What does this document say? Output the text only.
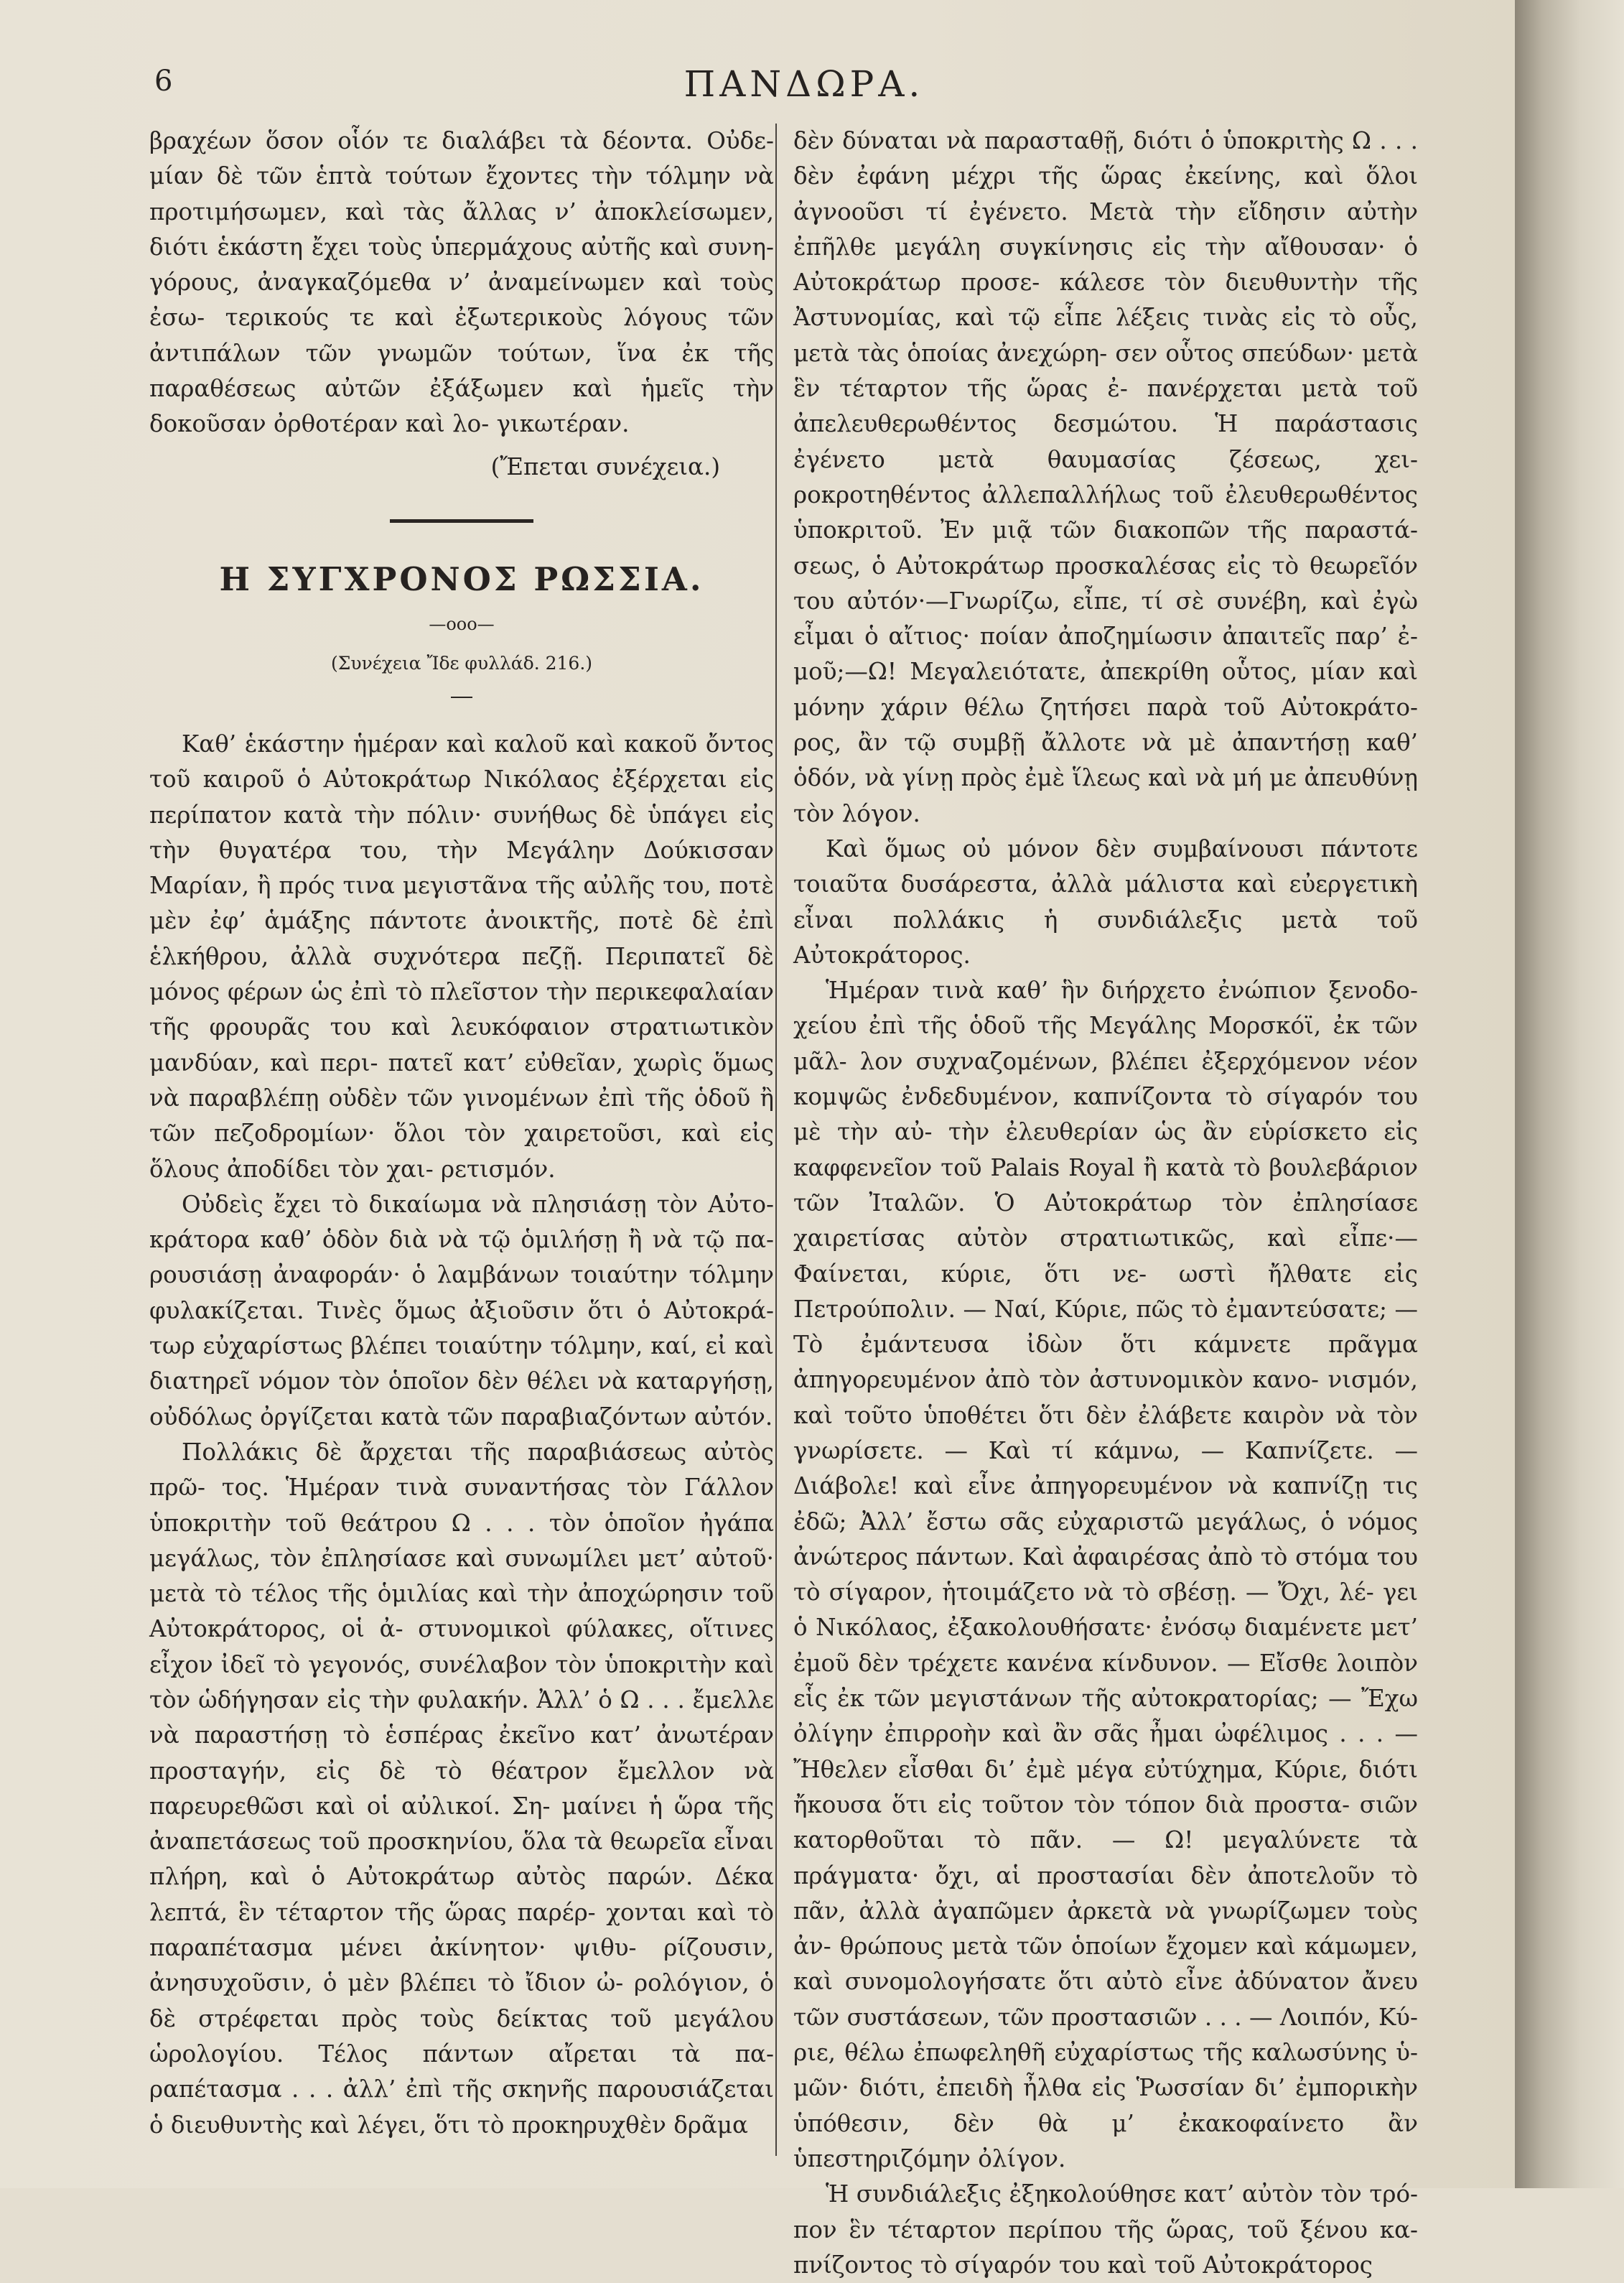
6	ΠΑΝΔΩΡΑ.

βραχέων ὅσον οἷόν τε διαλάβει τὰ δέοντα. Οὐδε- μίαν δὲ τῶν ἑπτὰ τούτων ἔχοντες τὴν τόλμην νὰ προτιμήσωμεν, καὶ τὰς ἄλλας ν’ ἀποκλείσωμεν, διότι ἑκάστη ἔχει τοὺς ὑπερμάχους αὐτῆς καὶ συνη- γόρους, ἀναγκαζόμεθα ν’ ἀναμείνωμεν καὶ τοὺς ἐσω- τερικούς τε καὶ ἐξωτερικοὺς λόγους τῶν ἀντιπάλων τῶν γνωμῶν τούτων, ἵνα ἐκ τῆς παραθέσεως αὐτῶν ἐξάξωμεν καὶ ἡμεῖς τὴν δοκοῦσαν ὀρθοτέραν καὶ λο- γικωτέραν.

(Ἔπεται συνέχεια.)

Η ΣΥΓΧΡΟΝΟΣ ΡΩΣΣΙΑ.
—ooo—
(Συνέχεια Ἴδε φυλλάδ. 216.)

Καθ’ ἑκάστην ἡμέραν καὶ καλοῦ καὶ κακοῦ ὄντος τοῦ καιροῦ ὁ Αὐτοκράτωρ Νικόλαος ἐξέρχεται εἰς περίπατον κατὰ τὴν πόλιν· συνήθως δὲ ὑπάγει εἰς τὴν θυγατέρα του, τὴν Μεγάλην Δούκισσαν Μαρίαν, ἢ πρός τινα μεγιστᾶνα τῆς αὐλῆς του, ποτὲ μὲν ἐφ’ ἁμάξης πάντοτε ἀνοικτῆς, ποτὲ δὲ ἐπὶ ἑλκήθρου, ἀλλὰ συχνότερα πεζῇ. Περιπατεῖ δὲ μόνος φέρων ὡς ἐπὶ τὸ πλεῖστον τὴν περικεφαλαίαν τῆς φρουρᾶς του καὶ λευκόφαιον στρατιωτικὸν μανδύαν, καὶ περι- πατεῖ κατ’ εὐθεῖαν, χωρὶς ὅμως νὰ παραβλέπῃ οὐδὲν τῶν γινομένων ἐπὶ τῆς ὁδοῦ ἢ τῶν πεζοδρομίων· ὅλοι τὸν χαιρετοῦσι, καὶ εἰς ὅλους ἀποδίδει τὸν χαι- ρετισμόν.

Οὐδεὶς ἔχει τὸ δικαίωμα νὰ πλησιάσῃ τὸν Αὐτο- κράτορα καθ’ ὁδὸν διὰ νὰ τῷ ὁμιλήσῃ ἢ νὰ τῷ πα- ρουσιάσῃ ἀναφοράν· ὁ λαμβάνων τοιαύτην τόλμην φυλακίζεται. Τινὲς ὅμως ἀξιοῦσιν ὅτι ὁ Αὐτοκρά- τωρ εὐχαρίστως βλέπει τοιαύτην τόλμην, καί, εἰ καὶ διατηρεῖ νόμον τὸν ὁποῖον δὲν θέλει νὰ καταργήσῃ, οὐδόλως ὀργίζεται κατὰ τῶν παραβιαζόντων αὐτόν.

Πολλάκις δὲ ἄρχεται τῆς παραβιάσεως αὐτὸς πρῶ- τος. Ἡμέραν τινὰ συναντήσας τὸν Γάλλον ὑποκριτὴν τοῦ θεάτρου Ω . . . τὸν ὁποῖον ἠγάπα μεγάλως, τὸν ἐπλησίασε καὶ συνωμίλει μετ’ αὐτοῦ· μετὰ τὸ τέλος τῆς ὁμιλίας καὶ τὴν ἀποχώρησιν τοῦ Αὐτοκράτορος, οἱ ἀ- στυνομικοὶ φύλακες, οἵτινες εἶχον ἰδεῖ τὸ γεγονός, συνέλαβον τὸν ὑποκριτὴν καὶ τὸν ὡδήγησαν εἰς τὴν φυλακήν. Ἀλλ’ ὁ Ω . . . ἔμελλε νὰ παραστήσῃ τὸ ἑσπέρας ἐκεῖνο κατ’ ἀνωτέραν προσταγήν, εἰς δὲ τὸ θέατρον ἔμελλον νὰ παρευρεθῶσι καὶ οἱ αὐλικοί. Ση- μαίνει ἡ ὥρα τῆς ἀναπετάσεως τοῦ προσκηνίου, ὅλα τὰ θεωρεῖα εἶναι πλήρη, καὶ ὁ Αὐτοκράτωρ αὐτὸς παρών. Δέκα λεπτά, ἓν τέταρτον τῆς ὥρας παρέρ- χονται καὶ τὸ παραπέτασμα μένει ἀκίνητον· ψιθυ- ρίζουσιν, ἀνησυχοῦσιν, ὁ μὲν βλέπει τὸ ἴδιον ὠ- ρολόγιον, ὁ δὲ στρέφεται πρὸς τοὺς δείκτας τοῦ μεγάλου ὡρολογίου. Τέλος πάντων αἴρεται τὰ πα- ραπέτασμα . . . ἀλλ’ ἐπὶ τῆς σκηνῆς παρουσιάζεται ὁ διευθυντὴς καὶ λέγει, ὅτι τὸ προκηρυχθὲν δρᾶμα

δὲν δύναται νὰ παρασταθῇ, διότι ὁ ὑποκριτὴς Ω . . . δὲν ἐφάνη μέχρι τῆς ὥρας ἐκείνης, καὶ ὅλοι ἀγνοοῦσι τί ἐγένετο. Μετὰ τὴν εἴδησιν αὐτὴν ἐπῆλθε μεγάλη συγκίνησις εἰς τὴν αἴθουσαν· ὁ Αὐτοκράτωρ προσε- κάλεσε τὸν διευθυντὴν τῆς Ἀστυνομίας, καὶ τῷ εἶπε λέξεις τινὰς εἰς τὸ οὖς, μετὰ τὰς ὁποίας ἀνεχώρη- σεν οὗτος σπεύδων· μετὰ ἓν τέταρτον τῆς ὥρας ἐ- πανέρχεται μετὰ τοῦ ἀπελευθερωθέντος δεσμώτου. Ἡ παράστασις ἐγένετο μετὰ θαυμασίας ζέσεως, χει- ροκροτηθέντος ἀλλεπαλλήλως τοῦ ἐλευθερωθέντος ὑποκριτοῦ. Ἐν μιᾷ τῶν διακοπῶν τῆς παραστά- σεως, ὁ Αὐτοκράτωρ προσκαλέσας εἰς τὸ θεωρεῖόν του αὐτόν·—Γνωρίζω, εἶπε, τί σὲ συνέβη, καὶ ἐγὼ εἶμαι ὁ αἴτιος· ποίαν ἀποζημίωσιν ἀπαιτεῖς παρ’ ἐ- μοῦ;—Ω! Μεγαλειότατε, ἀπεκρίθη οὗτος, μίαν καὶ μόνην χάριν θέλω ζητήσει παρὰ τοῦ Αὐτοκράτο- ρος, ἂν τῷ συμβῇ ἄλλοτε νὰ μὲ ἀπαντήσῃ καθ’ ὁδόν, νὰ γίνῃ πρὸς ἐμὲ ἵλεως καὶ νὰ μή με ἀπευθύνῃ τὸν λόγον.

Καὶ ὅμως οὐ μόνον δὲν συμβαίνουσι πάντοτε τοιαῦτα δυσάρεστα, ἀλλὰ μάλιστα καὶ εὐεργετικὴ εἶναι πολλάκις ἡ συνδιάλεξις μετὰ τοῦ Αὐτοκράτορος.

Ἡμέραν τινὰ καθ’ ἣν διήρχετο ἐνώπιον ξενοδο- χείου ἐπὶ τῆς ὁδοῦ τῆς Μεγάλης Μορσκόϊ, ἐκ τῶν μᾶλ- λον συχναζομένων, βλέπει ἐξερχόμενον νέον κομψῶς ἐνδεδυμένον, καπνίζοντα τὸ σίγαρόν του μὲ τὴν αὐ- τὴν ἐλευθερίαν ὡς ἂν εὑρίσκετο εἰς καφφενεῖον τοῦ Palais Royal ἢ κατὰ τὸ βουλεβάριον τῶν Ἰταλῶν. Ὁ Αὐτοκράτωρ τὸν ἐπλησίασε χαιρετίσας αὐτὸν στρατιωτικῶς, καὶ εἶπε·—Φαίνεται, κύριε, ὅτι νε- ωστὶ ἤλθατε εἰς Πετρούπολιν. — Ναί, Κύριε, πῶς τὸ ἐμαντεύσατε; — Τὸ ἐμάντευσα ἰδὼν ὅτι κάμνετε πρᾶγμα ἀπηγορευμένον ἀπὸ τὸν ἀστυνομικὸν κανο- νισμόν, καὶ τοῦτο ὑποθέτει ὅτι δὲν ἐλάβετε καιρὸν νὰ τὸν γνωρίσετε. — Καὶ τί κάμνω, — Καπνίζετε. — Διάβολε! καὶ εἶνε ἀπηγορευμένον νὰ καπνίζῃ τις ἐδῶ; Ἀλλ’ ἔστω σᾶς εὐχαριστῶ μεγάλως, ὁ νόμος ἀνώτερος πάντων. Καὶ ἀφαιρέσας ἀπὸ τὸ στόμα του τὸ σίγαρον, ἡτοιμάζετο νὰ τὸ σβέσῃ. — Ὄχι, λέ- γει ὁ Νικόλαος, ἐξακολουθήσατε· ἐνόσῳ διαμένετε μετ’ ἐμοῦ δὲν τρέχετε κανένα κίνδυνον. — Εἴσθε λοιπὸν εἷς ἐκ τῶν μεγιστάνων τῆς αὐτοκρατορίας; — Ἔχω ὀλίγην ἐπιρροὴν καὶ ἂν σᾶς ἦμαι ὠφέλιμος . . . — Ἤθελεν εἶσθαι δι’ ἐμὲ μέγα εὐτύχημα, Κύριε, διότι ἤκουσα ὅτι εἰς τοῦτον τὸν τόπον διὰ προστα- σιῶν κατορθοῦται τὸ πᾶν. — Ω! μεγαλύνετε τὰ πράγματα· ὄχι, αἱ προστασίαι δὲν ἀποτελοῦν τὸ πᾶν, ἀλλὰ ἀγαπῶμεν ἀρκετὰ νὰ γνωρίζωμεν τοὺς ἀν- θρώπους μετὰ τῶν ὁποίων ἔχομεν καὶ κάμωμεν, καὶ συνομολογήσατε ὅτι αὐτὸ εἶνε ἀδύνατον ἄνευ τῶν συστάσεων, τῶν προστασιῶν . . . — Λοιπόν, Κύ- ριε, θέλω ἐπωφεληθῆ εὐχαρίστως τῆς καλωσύνης ὑ- μῶν· διότι, ἐπειδὴ ἦλθα εἰς Ῥωσσίαν δι’ ἐμπορικὴν ὑπόθεσιν, δὲν θὰ μ’ ἐκακοφαίνετο ἂν ὑπεστηριζόμην ὀλίγον.

Ἡ συνδιάλεξις ἐξηκολούθησε κατ’ αὐτὸν τὸν τρό- πον ἓν τέταρτον περίπου τῆς ὥρας, τοῦ ξένου κα- πνίζοντος τὸ σίγαρόν του καὶ τοῦ Αὐτοκράτορος
